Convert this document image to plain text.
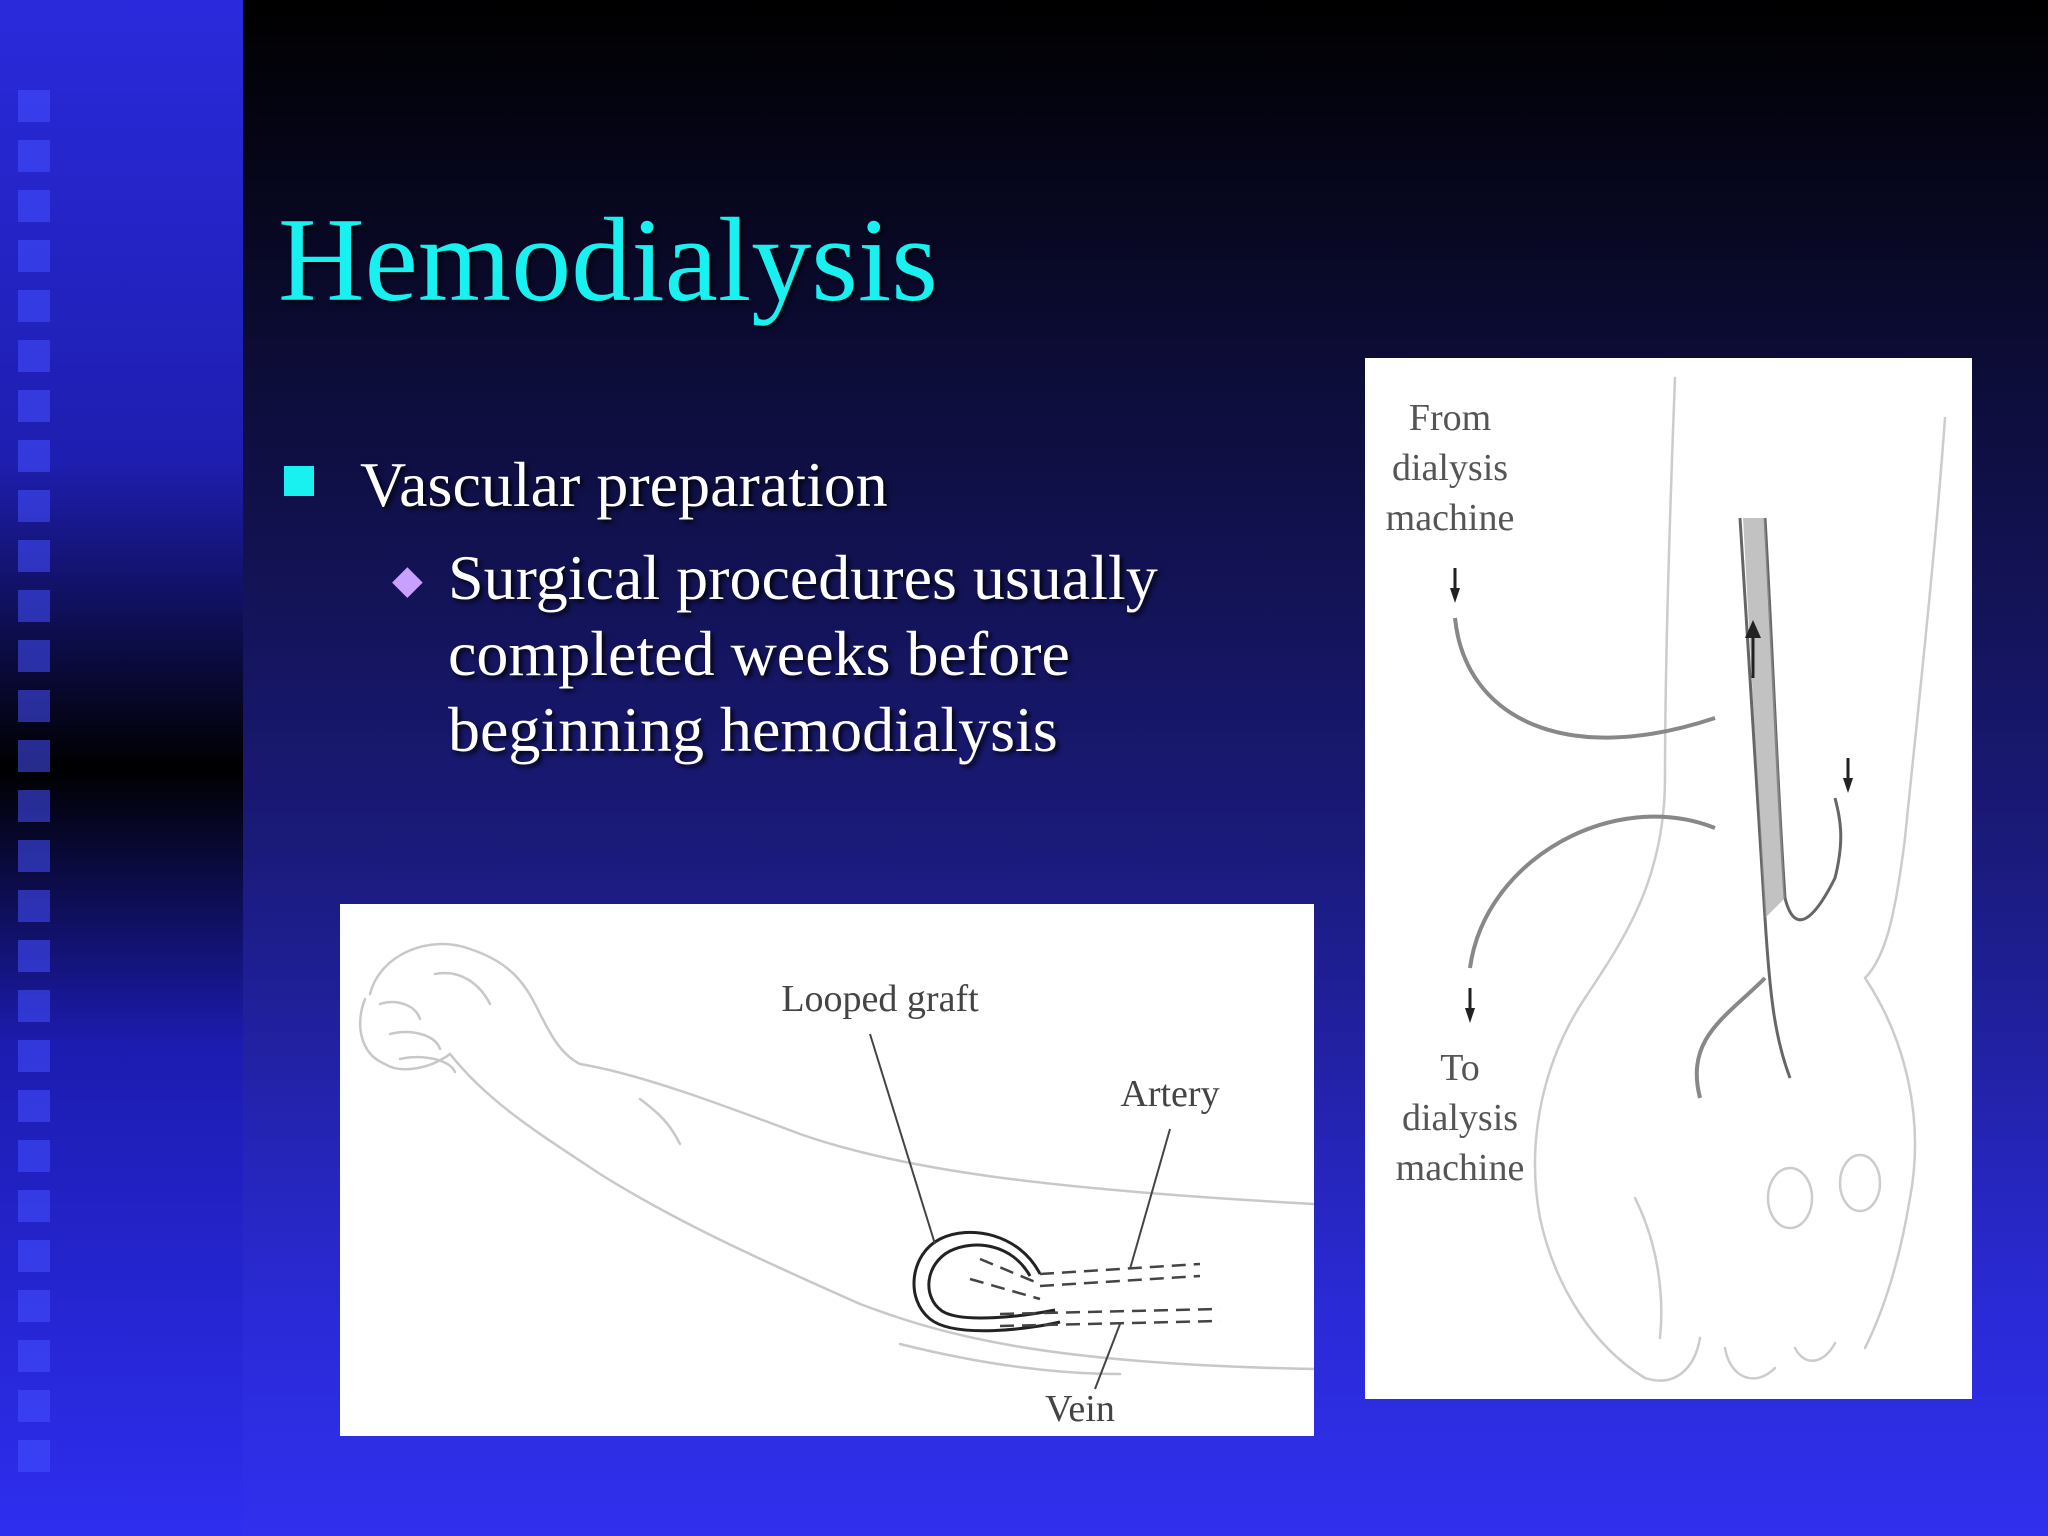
Hemodialysis
Vascular preparation
◆ Surgical procedures usually completed weeks before beginning hemodialysis
Looped graft
Artery
Vein
From
dialysis
machine
To
dialysis
machine
